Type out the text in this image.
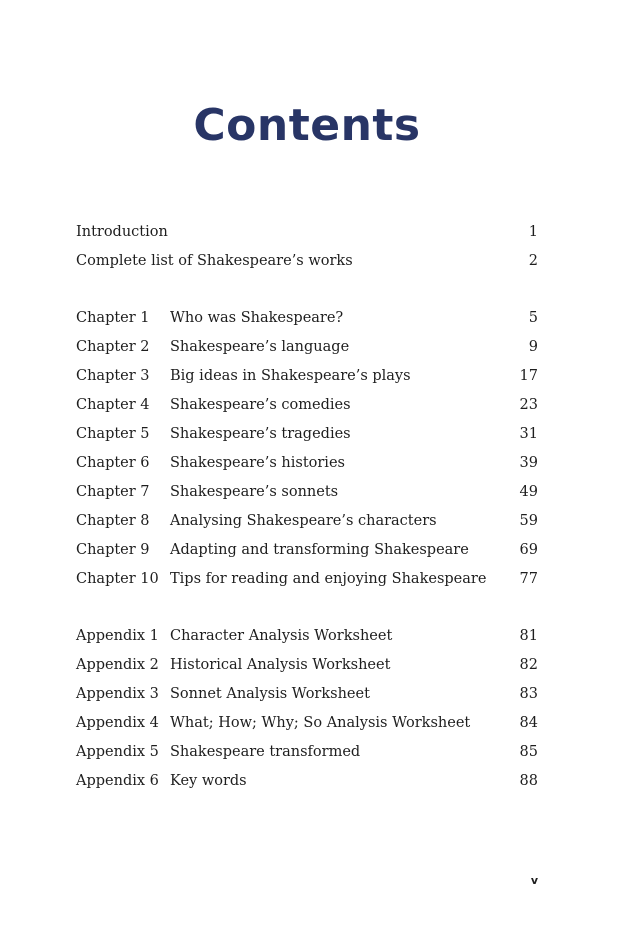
Contents
Introduction	1
Complete list of Shakespeare’s works	2
Chapter 1 Who was Shakespeare?	5
Chapter 2 Shakespeare’s language	9
Chapter 3 Big ideas in Shakespeare’s plays	17
Chapter 4 Shakespeare’s comedies	23
Chapter 5 Shakespeare’s tragedies	31
Chapter 6 Shakespeare’s histories	39
Chapter 7 Shakespeare’s sonnets	49
Chapter 8 Analysing Shakespeare’s characters	59
Chapter 9 Adapting and transforming Shakespeare	69
Chapter 10 Tips for reading and enjoying Shakespeare 77
Appendix 1 Character Analysis Worksheet	81
Appendix 2 Historical Analysis Worksheet	82
Appendix 3 Sonnet Analysis Worksheet	83
Appendix 4 What; How; Why; So Analysis Worksheet	84
Appendix 5 Shakespeare transformed	85
Appendix 6 Key words	88
v
